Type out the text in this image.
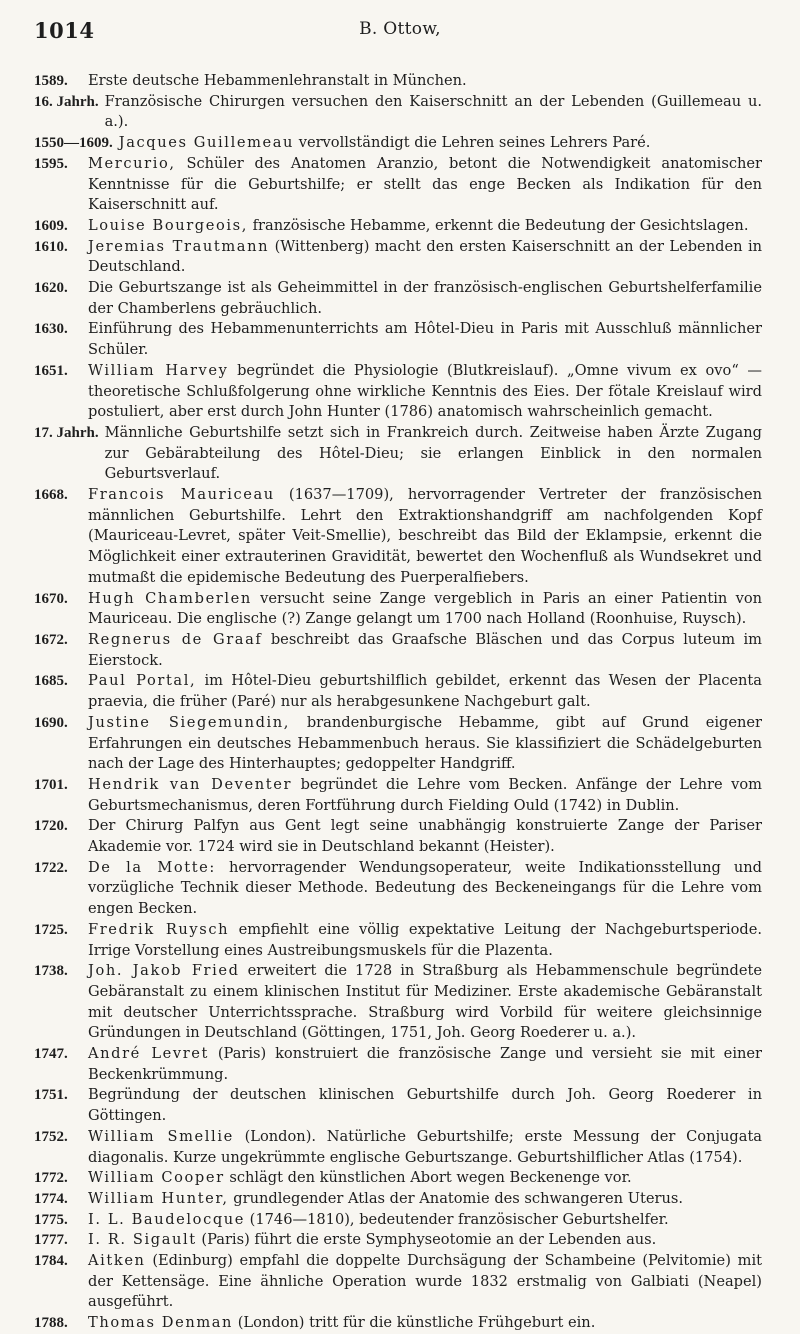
1014	B. Ottow,
1589.	Erste deutsche Hebammenlehranstalt in München.
16. Jahrh. Französische Chirurgen versuchen den Kaiserschnitt an der Lebenden (Guillemeau u. a.).
1550—1609. Jacques Guillemeau vervollständigt die Lehren seines Lehrers Paré.
1595.	Mercurio, Schüler des Anatomen Aranzio, betont die Notwendigkeit anatomischer Kenntnisse für die Geburtshilfe; er stellt das enge Becken als Indikation für den Kaiserschnitt auf.
1609.	Louise Bourgeois, französische Hebamme, erkennt die Bedeutung der Gesichtslagen.
1610.	Jeremias Trautmann (Wittenberg) macht den ersten Kaiserschnitt an der Lebenden in Deutschland.
1620.	Die Geburtszange ist als Geheimmittel in der französisch-englischen Geburtshelferfamilie der Chamberlens gebräuchlich.
1630.	Einführung des Hebammenunterrichts am Hôtel-Dieu in Paris mit Ausschluß männlicher Schüler.
1651.	William Harvey begründet die Physiologie (Blutkreislauf). „Omne vivum ex ovo“ — theoretische Schlußfolgerung ohne wirkliche Kenntnis des Eies. Der fötale Kreislauf wird postuliert, aber erst durch John Hunter (1786) anatomisch wahrscheinlich gemacht.
17. Jahrh. Männliche Geburtshilfe setzt sich in Frankreich durch. Zeitweise haben Ärzte Zugang zur Gebärabteilung des Hôtel-Dieu; sie erlangen Einblick in den normalen Geburtsverlauf.
1668.	Francois Mauriceau (1637—1709), hervorragender Vertreter der französischen männlichen Geburtshilfe. Lehrt den Extraktionshandgriff am nachfolgenden Kopf (Mauriceau-Levret, später Veit-Smellie), beschreibt das Bild der Eklampsie, erkennt die Möglichkeit einer extrauterinen Gravidität, bewertet den Wochenfluß als Wundsekret und mutmaßt die epidemische Bedeutung des Puerperalfiebers.
1670.	Hugh Chamberlen versucht seine Zange vergeblich in Paris an einer Patientin von Mauriceau. Die englische (?) Zange gelangt um 1700 nach Holland (Roonhuise, Ruysch).
1672.	Regnerus de Graaf beschreibt das Graafsche Bläschen und das Corpus luteum im Eierstock.
1685.	Paul Portal, im Hôtel-Dieu geburtshilflich gebildet, erkennt das Wesen der Placenta praevia, die früher (Paré) nur als herabgesunkene Nachgeburt galt.
1690.	Justine Siegemundin, brandenburgische Hebamme, gibt auf Grund eigener Erfahrungen ein deutsches Hebammenbuch heraus. Sie klassifiziert die Schädelgeburten nach der Lage des Hinterhauptes; gedoppelter Handgriff.
1701.	Hendrik van Deventer begründet die Lehre vom Becken. Anfänge der Lehre vom Geburtsmechanismus, deren Fortführung durch Fielding Ould (1742) in Dublin.
1720.	Der Chirurg Palfyn aus Gent legt seine unabhängig konstruierte Zange der Pariser Akademie vor. 1724 wird sie in Deutschland bekannt (Heister).
1722.	De la Motte: hervorragender Wendungsoperateur, weite Indikationsstellung und vorzügliche Technik dieser Methode. Bedeutung des Beckeneingangs für die Lehre vom engen Becken.
1725.	Fredrik Ruysch empfiehlt eine völlig expektative Leitung der Nachgeburtsperiode. Irrige Vorstellung eines Austreibungsmuskels für die Plazenta.
1738.	Joh. Jakob Fried erweitert die 1728 in Straßburg als Hebammenschule begründete Gebäranstalt zu einem klinischen Institut für Mediziner. Erste akademische Gebäranstalt mit deutscher Unterrichtssprache. Straßburg wird Vorbild für weitere gleichsinnige Gründungen in Deutschland (Göttingen, 1751, Joh. Georg Roederer u. a.).
1747.	André Levret (Paris) konstruiert die französische Zange und versieht sie mit einer Beckenkrümmung.
1751.	Begründung der deutschen klinischen Geburtshilfe durch Joh. Georg Roederer in Göttingen.
1752.	William Smellie (London). Natürliche Geburtshilfe; erste Messung der Conjugata diagonalis. Kurze ungekrümmte englische Geburtszange. Geburtshilflicher Atlas (1754).
1772.	William Cooper schlägt den künstlichen Abort wegen Beckenenge vor.
1774.	William Hunter, grundlegender Atlas der Anatomie des schwangeren Uterus.
1775.	I. L. Baudelocque (1746—1810), bedeutender französischer Geburtshelfer.
1777.	I. R. Sigault (Paris) führt die erste Symphyseotomie an der Lebenden aus.
1784.	Aitken (Edinburg) empfahl die doppelte Durchsägung der Schambeine (Pelvitomie) mit der Kettensäge. Eine ähnliche Operation wurde 1832 erstmalig von Galbiati (Neapel) ausgeführt.
1788.	Thomas Denman (London) tritt für die künstliche Frühgeburt ein.
